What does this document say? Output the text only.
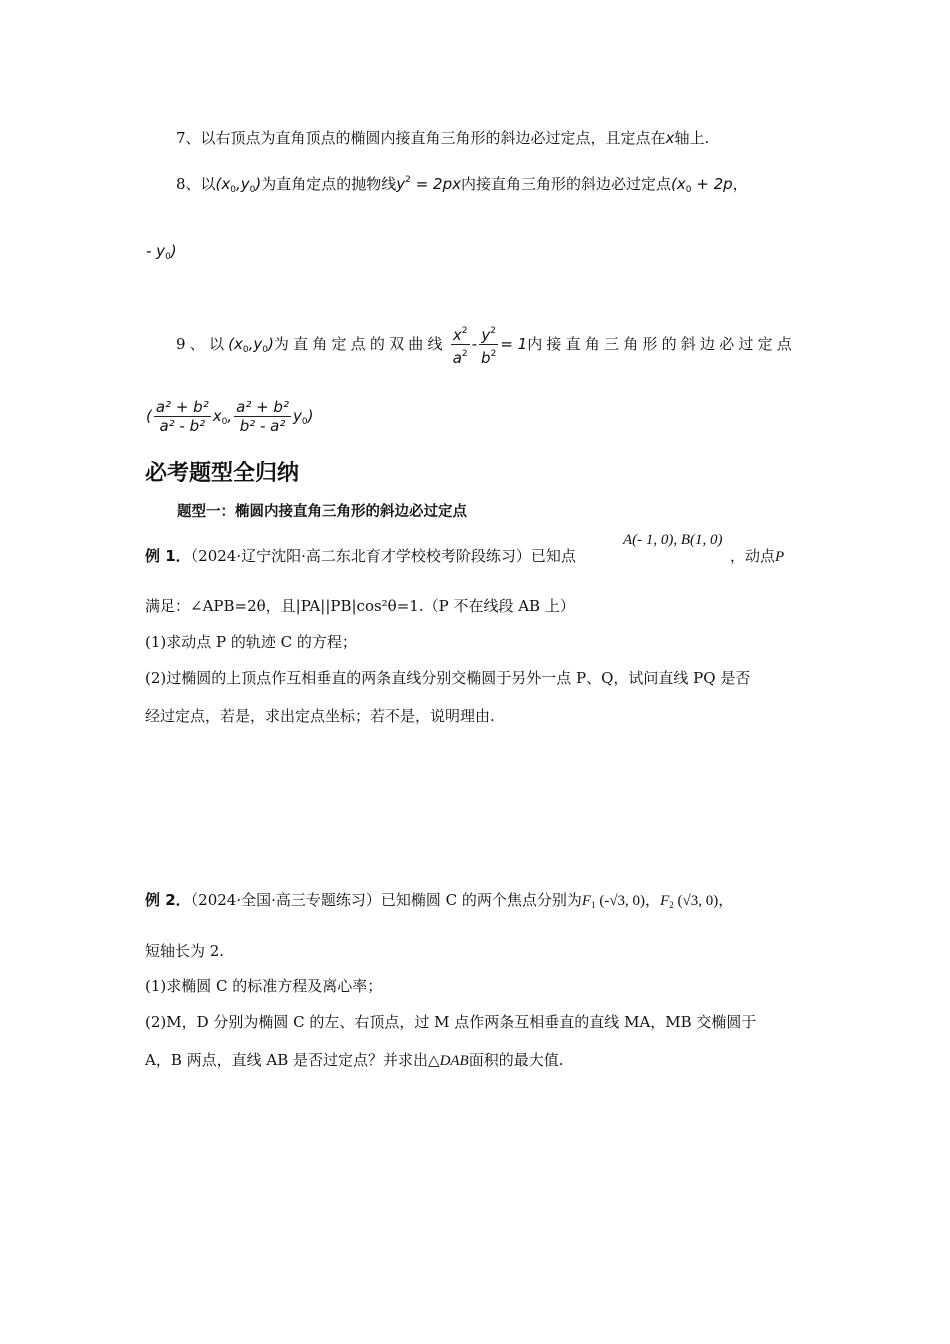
7、以右顶点为直角顶点的椭圆内接直角三角形的斜边必过定点，且定点在x轴上.
8、以$(x_0,y_0)$为直角定点的抛物线$y^2 = 2px$内接直角三角形的斜边必过定点($x_0 + 2p$，
- $y_0$)
9、以$(x_0,y_0)$为直角定点的双曲线 $\frac{x^2}{a^2} - \frac{y^2}{b^2} = 1$内接直角三角形的斜边必过定点
( $\frac{\text{a² + b²}}{\text{a² - b²}} x_0$, $\frac{\text{a² + b²}}{\text{b² - a²}} y_0$)
必考题型全归纳
题型一：椭圆内接直角三角形的斜边必过定点
例 1．（2024·辽宁沈阳·高二东北育才学校校考阶段练习）已知点
A(- 1, 0), B(1, 0)
，动点P
满足：∠APB=2θ，且|PA||PB|cos²θ=1.（P 不在线段 AB 上）
(1)求动点 P 的轨迹 C 的方程；
(2)过椭圆的上顶点作互相垂直的两条直线分别交椭圆于另外一点 P、Q，试问直线 PQ 是否
经过定点，若是，求出定点坐标；若不是，说明理由.
例 2．（2024·全国·高三专题练习）已知椭圆 C 的两个焦点分别为$F_1$ (-√3, 0)，$F_2$ (√3, 0)，
短轴长为 2.
(1)求椭圆 C 的标准方程及离心率；
(2)M，D 分别为椭圆 C 的左、右顶点，过 M 点作两条互相垂直的直线 MA，MB 交椭圆于
A，B 两点，直线 AB 是否过定点？并求出△DAB面积的最大值.
